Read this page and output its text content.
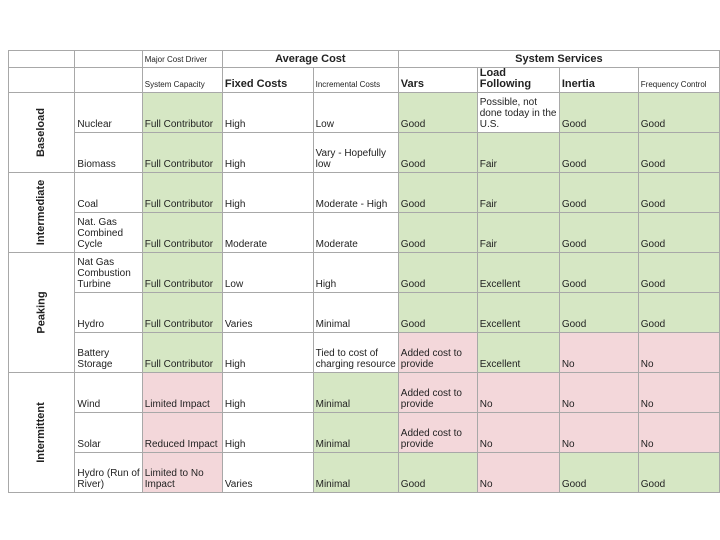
		Major Cost Driver	Average Cost		System Services			
		System Capacity	Fixed Costs	Incremental Costs	Vars	Load Following	Inertia	Frequency Control
Baseload	Nuclear	Full Contributor	High	Low	Good	Possible, not done today in the U.S.	Good	Good
	Biomass	Full Contributor	High	Vary - Hopefully low	Good	Fair	Good	Good
Intermediate	Coal	Full Contributor	High	Moderate - High	Good	Fair	Good	Good
	Nat. Gas Combined Cycle	Full Contributor	Moderate	Moderate	Good	Fair	Good	Good
Peaking	Nat Gas Combustion Turbine	Full Contributor	Low	High	Good	Excellent	Good	Good
	Hydro	Full Contributor	Varies	Minimal	Good	Excellent	Good	Good
	Battery Storage	Full Contributor	High	Tied to cost of charging resource	Added cost to provide	Excellent	No	No
Intermittent	Wind	Limited Impact	High	Minimal	Added cost to provide	No	No	No
	Solar	Reduced Impact	High	Minimal	Added cost to provide	No	No	No
	Hydro (Run of River)	Limited to No Impact	Varies	Minimal	Good	No	Good	Good
